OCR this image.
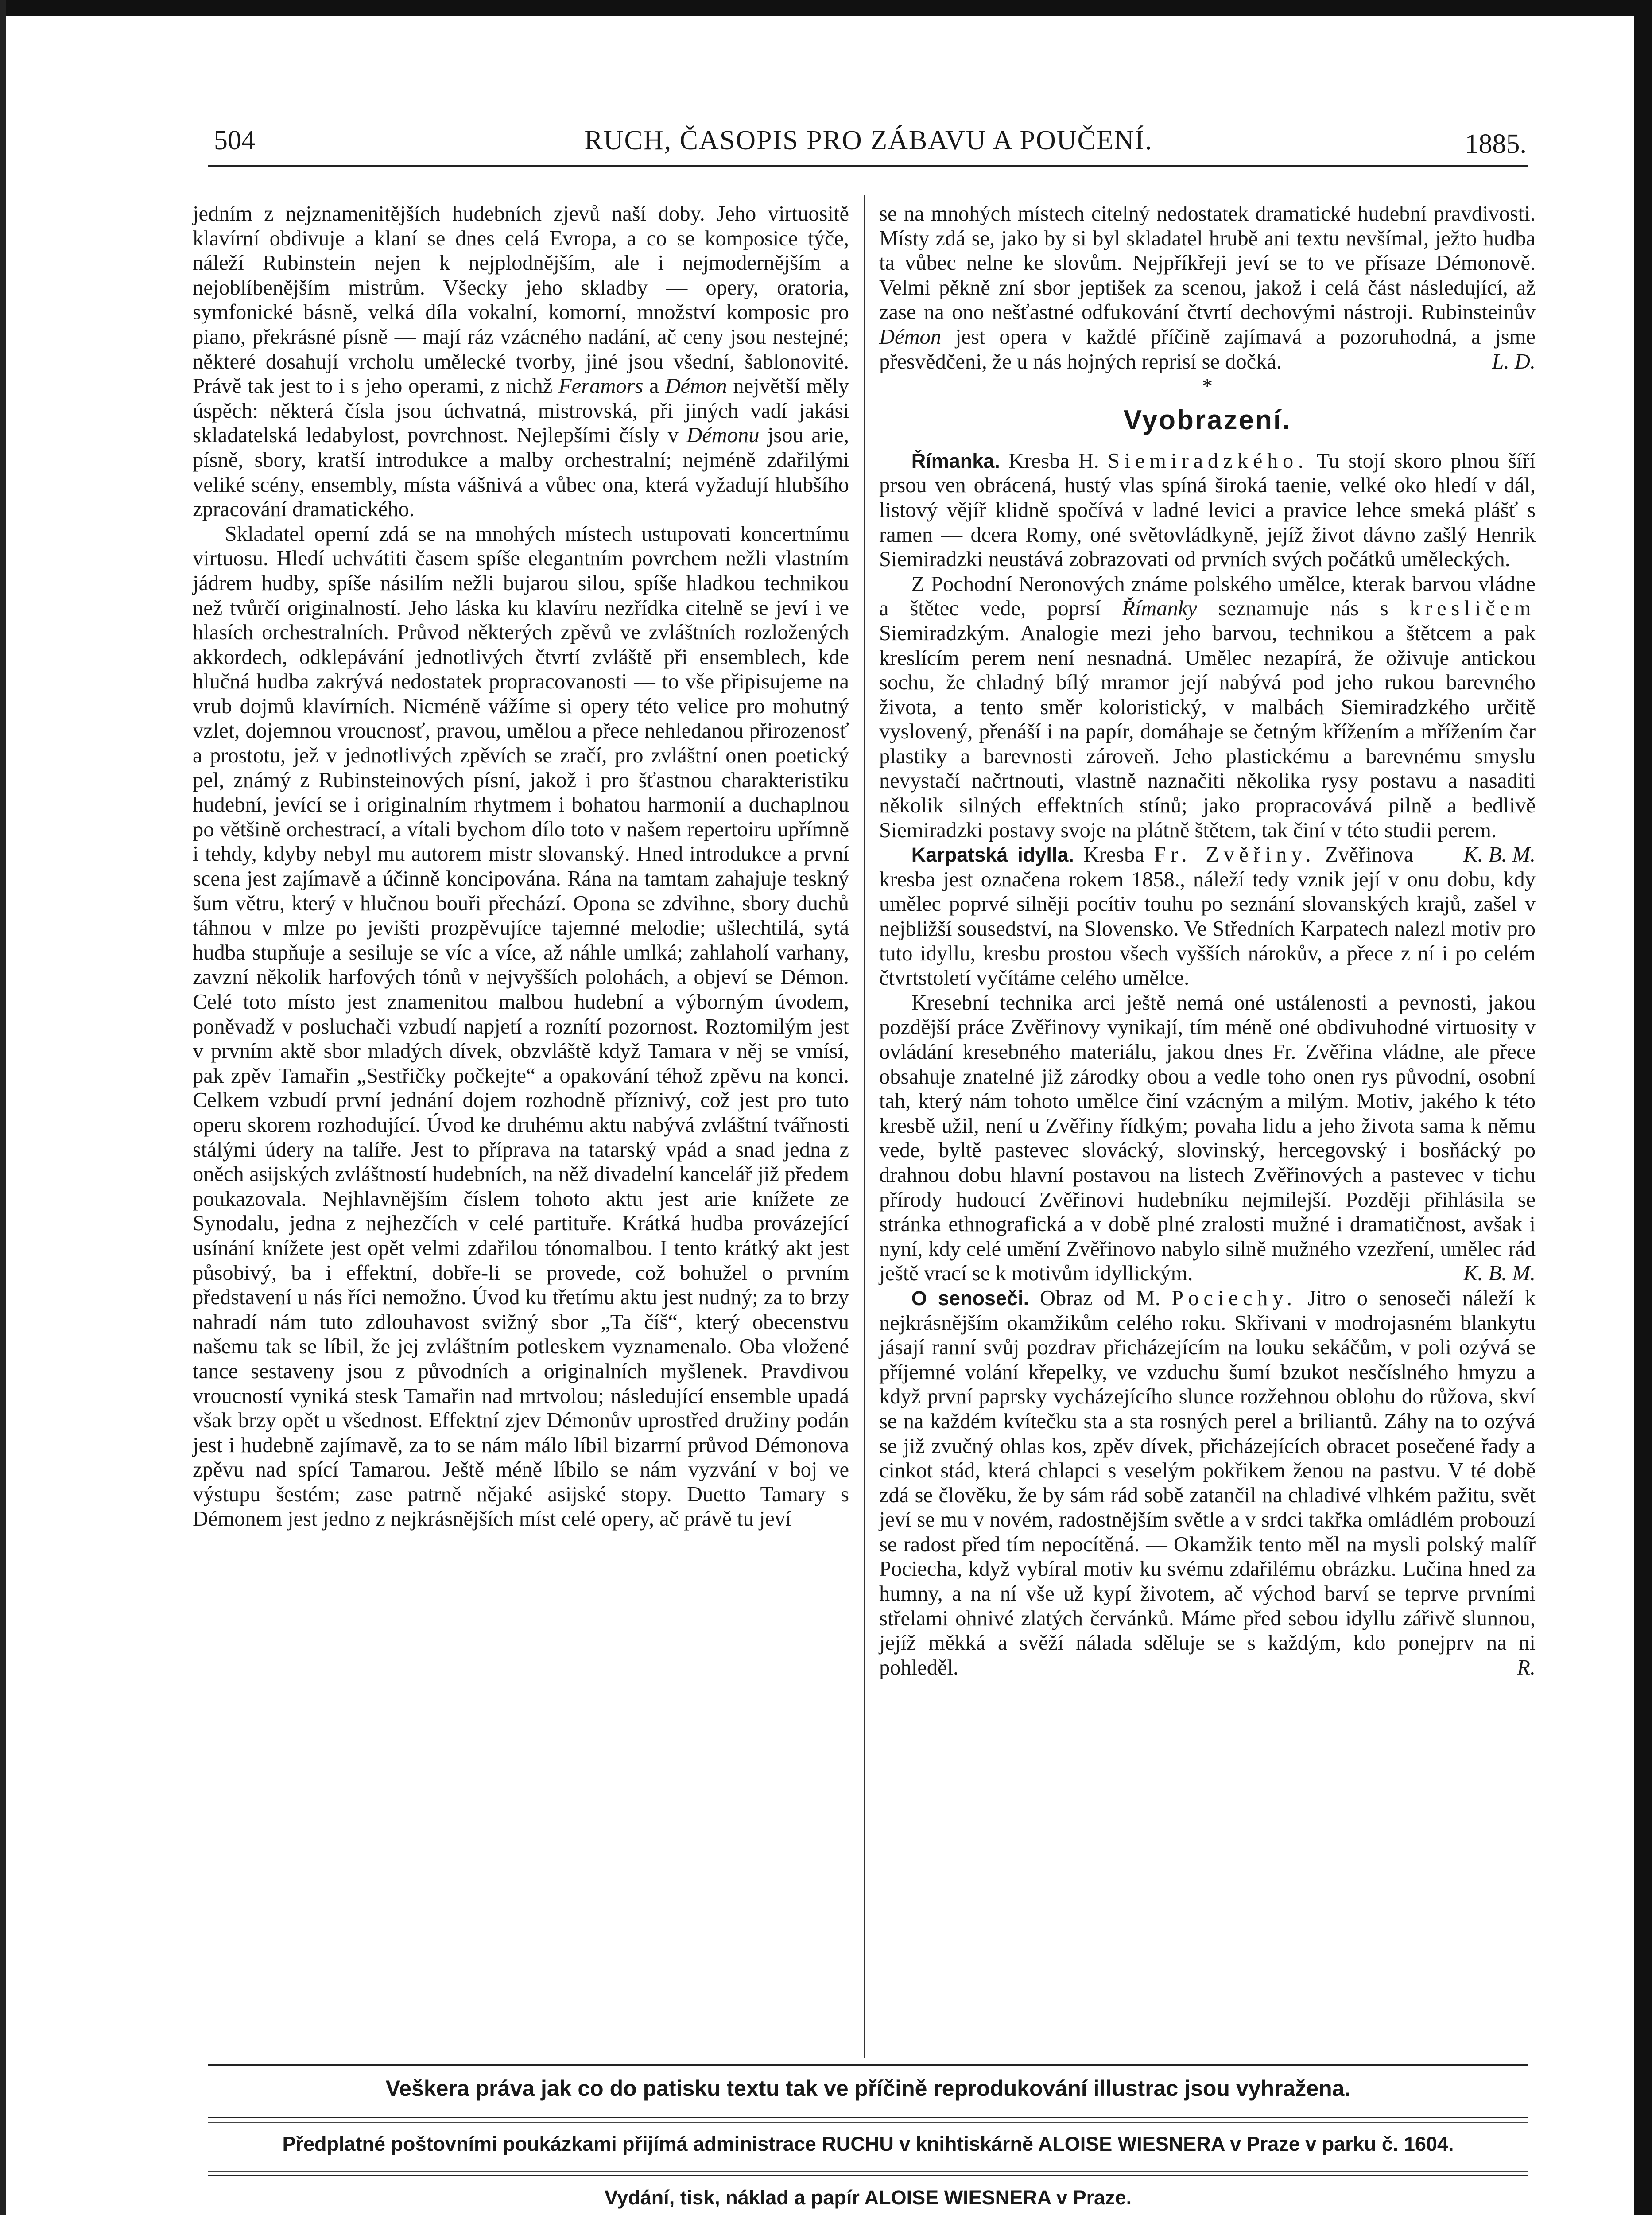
504	RUCH, ČASOPIS PRO ZÁBAVU A POUČENÍ.	1885.

jedním z nejznamenitějších hudebních zjevů naší doby. Jeho virtuositě klavírní obdivuje a klaní se dnes celá Evropa, a co se komposice týče, náleží Rubinstein nejen k nejplodnějším, ale i nejmodernějším a nejoblíbenějším mistrům. Všecky jeho skladby — opery, oratoria, symfonické básně, velká díla vokalní, komorní, množství komposic pro piano, překrásné písně — mají ráz vzácného nadání, ač ceny jsou nestejné; některé dosahují vrcholu umělecké tvorby, jiné jsou všední, šablonovité. Právě tak jest to i s jeho operami, z nichž Feramors a Démon největší měly úspěch: některá čísla jsou úchvatná, mistrovská, při jiných vadí jakási skladatelská ledabylost, povrchnost. Nejlepšími čísly v Démonu jsou arie, písně, sbory, kratší introdukce a malby orchestralní; nejméně zdařilými veliké scény, ensembly, místa vášnivá a vůbec ona, která vyžadují hlubšího zpracování dramatického.

Skladatel operní zdá se na mnohých místech ustupovati koncertnímu virtuosu. Hledí uchvátiti časem spíše elegantním povrchem nežli vlastním jádrem hudby, spíše násilím nežli bujarou silou, spíše hladkou technikou než tvůrčí originalností. Jeho láska ku klavíru nezřídka citelně se jeví i ve hlasích orchestralních. Průvod některých zpěvů ve zvláštních rozložených akkordech, odklepávání jednotlivých čtvrtí zvláště při ensemblech, kde hlučná hudba zakrývá nedostatek propracovanosti — to vše připisujeme na vrub dojmů klavírních. Nicméně vážíme si opery této velice pro mohutný vzlet, dojemnou vroucnosť, pravou, umělou a přece nehledanou přirozenosť a prostotu, jež v jednotlivých zpěvích se zračí, pro zvláštní onen poetický pel, známý z Rubinsteinových písní, jakož i pro šťastnou charakteristiku hudební, jevící se i originalním rhytmem i bohatou harmonií a duchaplnou po většině orchestrací, a vítali bychom dílo toto v našem repertoiru upřímně i tehdy, kdyby nebyl mu autorem mistr slovanský. Hned introdukce a první scena jest zajímavě a účinně koncipována. Rána na tamtam zahajuje teskný šum větru, který v hlučnou bouři přechází. Opona se zdvihne, sbory duchů táhnou v mlze po jevišti prozpěvujíce tajemné melodie; ušlechtilá, sytá hudba stupňuje a sesiluje se víc a více, až náhle umlká; zahlaholí varhany, zavzní několik harfových tónů v nejvyšších polohách, a objeví se Démon. Celé toto místo jest znamenitou malbou hudební a výborným úvodem, poněvadž v posluchači vzbudí napjetí a roznítí pozornost. Roztomilým jest v prvním aktě sbor mladých dívek, obzvláště když Tamara v něj se vmísí, pak zpěv Tamařin „Sestřičky počkejte“ a opakování téhož zpěvu na konci. Celkem vzbudí první jednání dojem rozhodně příznivý, což jest pro tuto operu skorem rozhodující. Úvod ke druhému aktu nabývá zvláštní tvářnosti stálými údery na talíře. Jest to příprava na tatarský vpád a snad jedna z oněch asijských zvláštností hudebních, na něž divadelní kancelář již předem poukazovala. Nejhlavnějším číslem tohoto aktu jest arie knížete ze Synodalu, jedna z nejhezčích v celé partituře. Krátká hudba provázející usínání knížete jest opět velmi zdařilou tónomalbou. I tento krátký akt jest působivý, ba i effektní, dobře-li se provede, což bohužel o prvním představení u nás říci nemožno. Úvod ku třetímu aktu jest nudný; za to brzy nahradí nám tuto zdlouhavost svižný sbor „Ta číš“, který obecenstvu našemu tak se líbil, že jej zvláštním potleskem vyznamenalo. Oba vložené tance sestaveny jsou z původních a originalních myšlenek. Pravdivou vroucností vyniká stesk Tamařin nad mrtvolou; následující ensemble upadá však brzy opět u všednost. Effektní zjev Démonův uprostřed družiny podán jest i hudebně zajímavě, za to se nám málo líbil bizarrní průvod Démonova zpěvu nad spící Tamarou. Ještě méně líbilo se nám vyzvání v boj ve výstupu šestém; zase patrně nějaké asijské stopy. Duetto Tamary s Démonem jest jedno z nejkrásnějších míst celé opery, ač právě tu jeví

se na mnohých místech citelný nedostatek dramatické hudební pravdivosti. Místy zdá se, jako by si byl skladatel hrubě ani textu nevšímal, ježto hudba ta vůbec nelne ke slovům. Nejpříkřeji jeví se to ve přísaze Démonově. Velmi pěkně zní sbor jeptišek za scenou, jakož i celá část následující, až zase na ono nešťastné odfukování čtvrtí dechovými nástroji. Rubinsteinův Démon jest opera v každé příčině zajímavá a pozoruhodná, a jsme přesvědčeni, že u nás hojných reprisí se dočká.	L. D.

*
Vyobrazení.

Římanka. Kresba H. Siemiradzkého. Tu stojí skoro plnou šíří prsou ven obrácená, hustý vlas spíná široká taenie, velké oko hledí v dál, listový vějíř klidně spočívá v ladné levici a pravice lehce smeká plášť s ramen — dcera Romy, oné světovládkyně, jejíž život dávno zašlý Henrik Siemiradzki neustává zobrazovati od prvních svých počátků uměleckých.

Z Pochodní Neronových známe polského umělce, kterak barvou vládne a štětec vede, poprsí Římanky seznamuje nás s kresličem Siemiradzkým. Analogie mezi jeho barvou, technikou a štětcem a pak kreslícím perem není nesnadná. Umělec nezapírá, že oživuje antickou sochu, že chladný bílý mramor její nabývá pod jeho rukou barevného života, a tento směr koloristický, v malbách Siemiradzkého určitě vyslovený, přenáší i na papír, domáhaje se četným křížením a mřížením čar plastiky a barevnosti zároveň. Jeho plastickému a barevnému smyslu nevystačí načrtnouti, vlastně naznačiti několika rysy postavu a nasaditi několik silných effektních stínů; jako propracovává pilně a bedlivě Siemiradzki postavy svoje na plátně štětem, tak činí v této studii perem.
K. B. M.

Karpatská idylla. Kresba Fr. Zvěřiny. Zvěřinova kresba jest označena rokem 1858., náleží tedy vznik její v onu dobu, kdy umělec poprvé silněji pocítiv touhu po seznání slovanských krajů, zašel v nejbližší sousedství, na Slovensko. Ve Středních Karpatech nalezl motiv pro tuto idyllu, kresbu prostou všech vyšších nárokův, a přece z ní i po celém čtvrtstoletí vyčítáme celého umělce.

Kresební technika arci ještě nemá oné ustálenosti a pevnosti, jakou pozdější práce Zvěřinovy vynikají, tím méně oné obdivuhodné virtuosity v ovládání kresebného materiálu, jakou dnes Fr. Zvěřina vládne, ale přece obsahuje znatelné již zárodky obou a vedle toho onen rys původní, osobní tah, který nám tohoto umělce činí vzácným a milým. Motiv, jakého k této kresbě užil, není u Zvěřiny řídkým; povaha lidu a jeho života sama k němu vede, byltě pastevec slovácký, slovinský, hercegovský i bosňácký po drahnou dobu hlavní postavou na listech Zvěřinových a pastevec v tichu přírody hudoucí Zvěřinovi hudebníku nejmilejší. Později přihlásila se stránka ethnografická a v době plné zralosti mužné i dramatičnost, avšak i nyní, kdy celé umění Zvěřinovo nabylo silně mužného vzezření, umělec rád ještě vrací se k motivům idyllickým.	K. B. M.

O senoseči. Obraz od M. Pociechy. Jitro o senoseči náleží k nejkrásnějším okamžikům celého roku. Skřivani v modrojasném blankytu jásají ranní svůj pozdrav přicházejícím na louku sekáčům, v poli ozývá se příjemné volání křepelky, ve vzduchu šumí bzukot nesčíslného hmyzu a když první paprsky vycházejícího slunce rozžehnou oblohu do růžova, skví se na každém kvítečku sta a sta rosných perel a briliantů. Záhy na to ozývá se již zvučný ohlas kos, zpěv dívek, přicházejících obracet posečené řady a cinkot stád, která chlapci s veselým pokřikem ženou na pastvu. V té době zdá se člověku, že by sám rád sobě zatančil na chladivé vlhkém pažitu, svět jeví se mu v novém, radostnějším světle a v srdci takřka omládlém probouzí se radost před tím nepocítěná. — Okamžik tento měl na mysli polský malíř Pociecha, když vybíral motiv ku svému zdařilému obrázku. Lučina hned za humny, a na ní vše už kypí životem, ač východ barví se teprve prvními střelami ohnivé zlatých červánků. Máme před sebou idyllu zářivě slunnou, jejíž měkká a svěží nálada sděluje se s každým, kdo ponejprv na ni pohleděl.	R.

Veškera práva jak co do patisku textu tak ve příčině reprodukování illustrac jsou vyhražena.
Předplatné poštovními poukázkami přijímá administrace RUCHU v knihtiskárně ALOISE WIESNERA v Praze v parku č. 1604.
Vydání, tisk, náklad a papír ALOISE WIESNERA v Praze.
